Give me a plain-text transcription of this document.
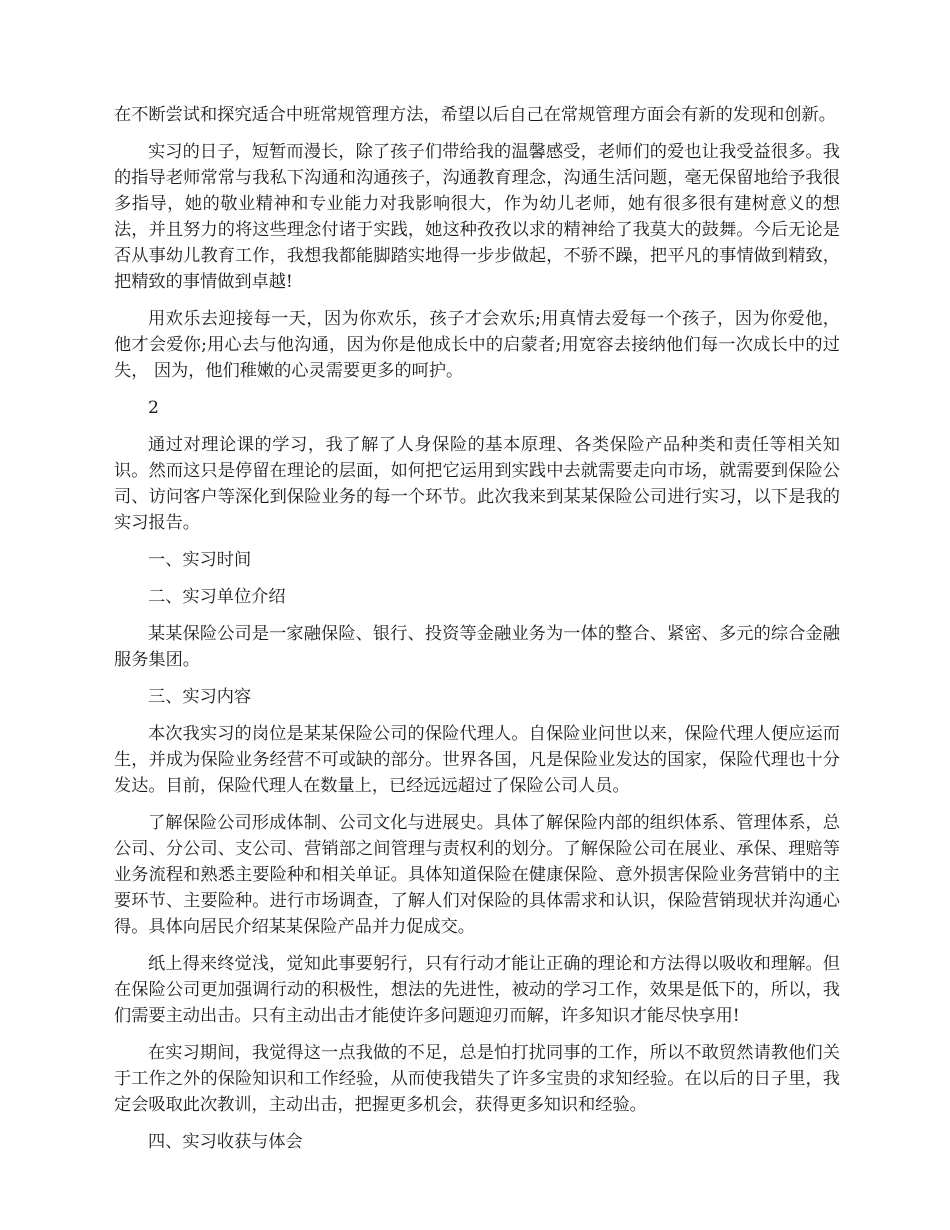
在不断尝试和探究适合中班常规管理方法，希望以后自己在常规管理方面会有新的发现和创新。

实习的日子，短暂而漫长，除了孩子们带给我的温馨感受，老师们的爱也让我受益很多。我的指导老师常常与我私下沟通和沟通孩子，沟通教育理念，沟通生活问题，毫无保留地给予我很多指导，她的敬业精神和专业能力对我影响很大，作为幼儿老师，她有很多很有建树意义的想法，并且努力的将这些理念付诸于实践，她这种孜孜以求的精神给了我莫大的鼓舞。今后无论是否从事幼儿教育工作，我想我都能脚踏实地得一步步做起，不骄不躁，把平凡的事情做到精致，把精致的事情做到卓越!

用欢乐去迎接每一天，因为你欢乐，孩子才会欢乐;用真情去爱每一个孩子，因为你爱他，他才会爱你;用心去与他沟通，因为你是他成长中的启蒙者;用宽容去接纳他们每一次成长中的过失， 因为，他们稚嫩的心灵需要更多的呵护。

2

通过对理论课的学习，我了解了人身保险的基本原理、各类保险产品种类和责任等相关知识。然而这只是停留在理论的层面，如何把它运用到实践中去就需要走向市场，就需要到保险公司、访问客户等深化到保险业务的每一个环节。此次我来到某某保险公司进行实习，以下是我的实习报告。

一、实习时间

二、实习单位介绍

某某保险公司是一家融保险、银行、投资等金融业务为一体的整合、紧密、多元的综合金融服务集团。

三、实习内容

本次我实习的岗位是某某保险公司的保险代理人。自保险业问世以来，保险代理人便应运而生，并成为保险业务经营不可或缺的部分。世界各国，凡是保险业发达的国家，保险代理也十分发达。目前，保险代理人在数量上，已经远远超过了保险公司人员。

了解保险公司形成体制、公司文化与进展史。具体了解保险内部的组织体系、管理体系，总公司、分公司、支公司、营销部之间管理与责权利的划分。了解保险公司在展业、承保、理赔等业务流程和熟悉主要险种和相关单证。具体知道保险在健康保险、意外损害保险业务营销中的主要环节、主要险种。进行市场调查，了解人们对保险的具体需求和认识，保险营销现状并沟通心得。具体向居民介绍某某保险产品并力促成交。

纸上得来终觉浅，觉知此事要躬行，只有行动才能让正确的理论和方法得以吸收和理解。但在保险公司更加强调行动的积极性，想法的先进性，被动的学习工作，效果是低下的，所以，我们需要主动出击。只有主动出击才能使许多问题迎刃而解，许多知识才能尽快享用!

在实习期间，我觉得这一点我做的不足，总是怕打扰同事的工作，所以不敢贸然请教他们关于工作之外的保险知识和工作经验，从而使我错失了许多宝贵的求知经验。在以后的日子里，我定会吸取此次教训，主动出击，把握更多机会，获得更多知识和经验。

四、实习收获与体会
